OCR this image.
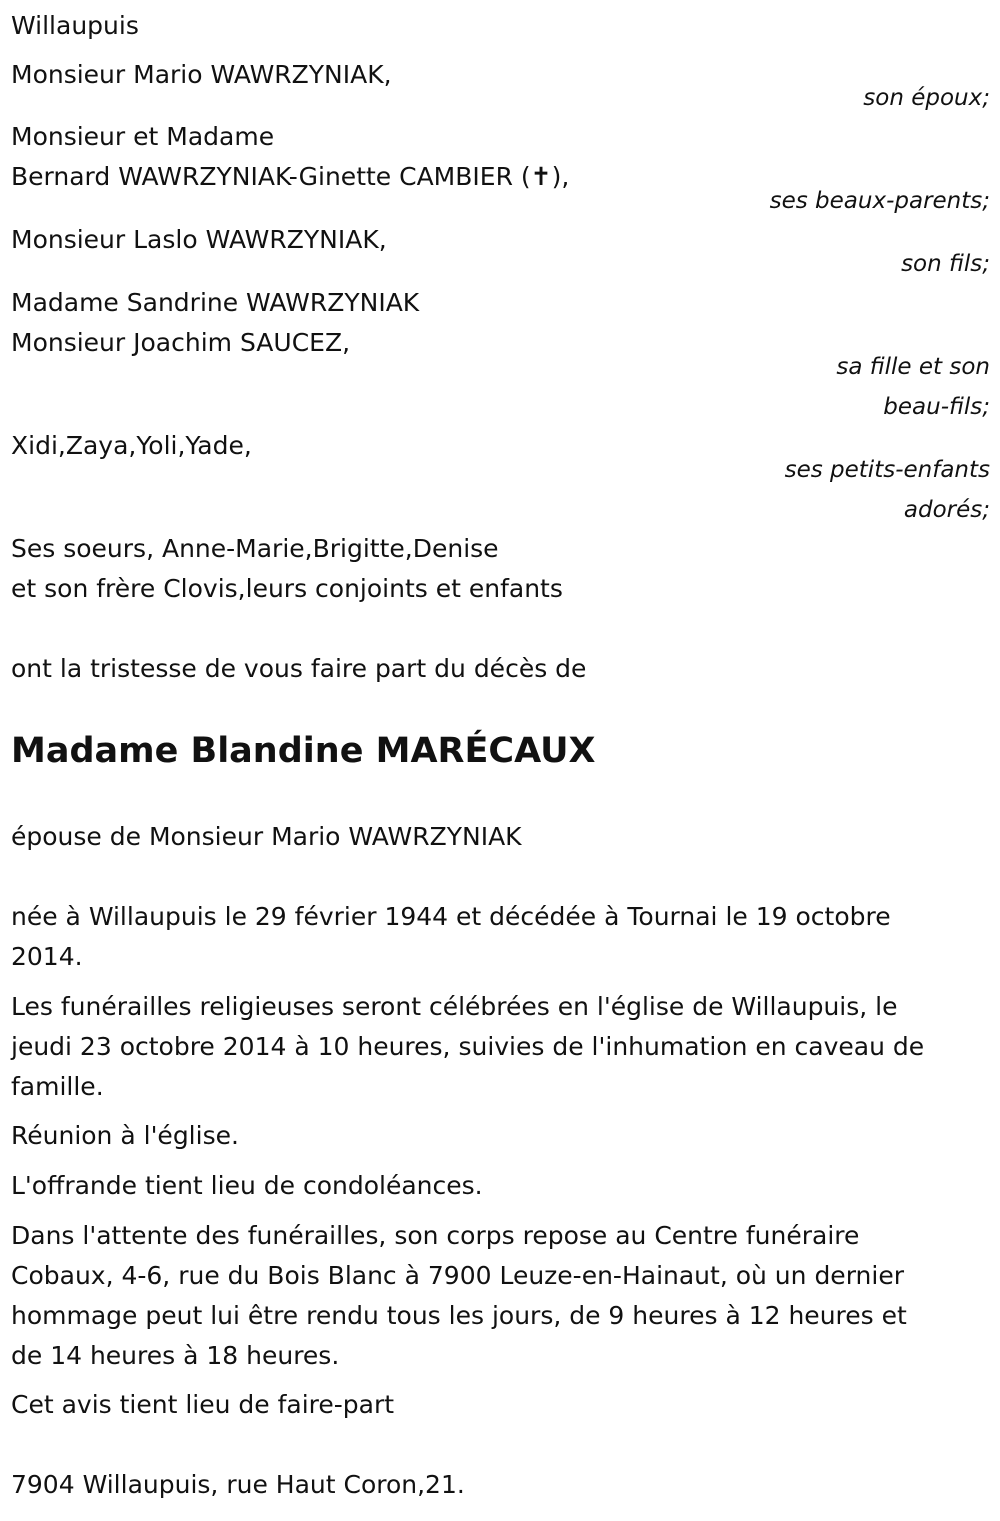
Willaupuis
Monsieur Mario WAWRZYNIAK,
son époux;
Monsieur et Madame
Bernard WAWRZYNIAK-Ginette CAMBIER (✝),
ses beaux-parents;
Monsieur Laslo WAWRZYNIAK,
son fils;
Madame Sandrine WAWRZYNIAK
Monsieur Joachim SAUCEZ,
sa fille et son
beau-fils;
Xidi,Zaya,Yoli,Yade,
ses petits-enfants
adorés;
Ses soeurs, Anne-Marie,Brigitte,Denise
et son frère Clovis,leurs conjoints et enfants
ont la tristesse de vous faire part du décès de
Madame Blandine MARÉCAUX
épouse de Monsieur Mario WAWRZYNIAK
née à Willaupuis le 29 février 1944 et décédée à Tournai le 19 octobre
2014.
Les funérailles religieuses seront célébrées en l'église de Willaupuis, le
jeudi 23 octobre 2014 à 10 heures, suivies de l'inhumation en caveau de
famille.
Réunion à l'église.
L'offrande tient lieu de condoléances.
Dans l'attente des funérailles, son corps repose au Centre funéraire
Cobaux, 4-6, rue du Bois Blanc à 7900 Leuze-en-Hainaut, où un dernier
hommage peut lui être rendu tous les jours, de 9 heures à 12 heures et
de 14 heures à 18 heures.
Cet avis tient lieu de faire-part
7904 Willaupuis, rue Haut Coron,21.
